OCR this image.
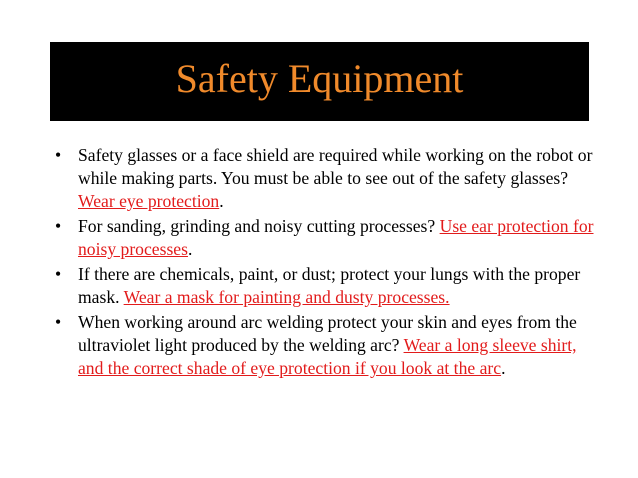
Safety Equipment
• Safety glasses or a face shield are required while working on the robot or while making parts. You must be able to see out of the safety glasses? Wear eye protection.
• For sanding, grinding and noisy cutting processes? Use ear protection for noisy processes.
• If there are chemicals, paint, or dust; protect your lungs with the proper mask. Wear a mask for painting and dusty processes.
• When working around arc welding protect your skin and eyes from the ultraviolet light produced by the welding arc? Wear a long sleeve shirt, and the correct shade of eye protection if you look at the arc.
